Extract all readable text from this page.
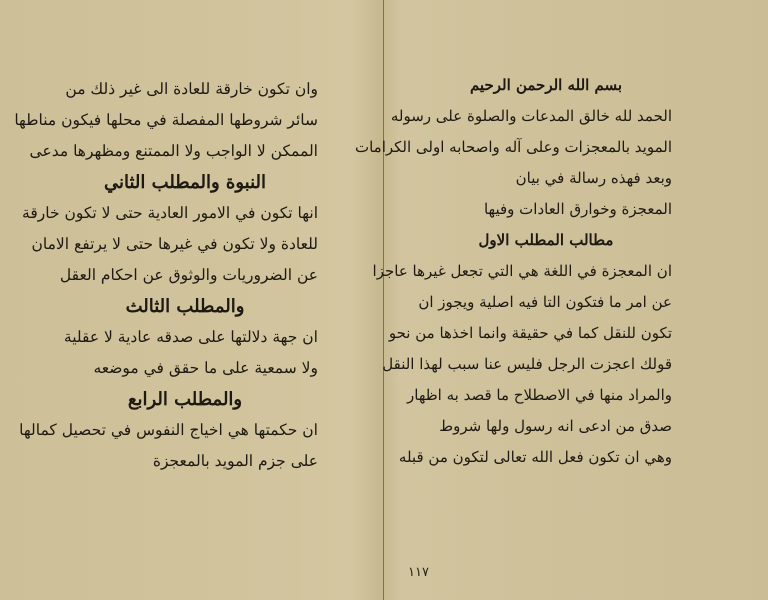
بسم الله الرحمن الرحيم
الحمد لله خالق المدعات والصلوة على رسوله
المويد بالمعجزات وعلى آله واصحابه اولى الكرامات
وبعد فهذه رسالة في بيان
المعجزة وخوارق العادات وفيها
مطالب المطلب الاول
ان المعجزة في اللغة هي التي تجعل غيرها عاجزا
عن امر ما فتكون التا فيه اصلية ويجوز ان
تكون للنقل كما في حقيقة وانما اخذها من نحو
قولك اعجزت الرجل فليس عنا سبب لهذا النقل
والمراد منها في الاصطلاح ما قصد به اظهار
صدق من ادعى انه رسول ولها شروط
وهي ان تكون فعل الله تعالى لتكون من قبله
وان تكون خارقة للعادة الى غير ذلك من
سائر شروطها المفصلة في محلها فيكون مناطها
الممكن لا الواجب ولا الممتنع ومظهرها مدعى
النبوة والمطلب الثاني
انها تكون في الامور العادية حتى لا تكون خارقة
للعادة ولا تكون في غيرها حتى لا يرتفع الامان
عن الضروريات والوثوق عن احكام العقل
والمطلب الثالث
ان جهة دلالتها على صدقه عادية لا عقلية
ولا سمعية على ما حقق في موضعه
والمطلب الرابع
ان حكمتها هي اخياج النفوس في تحصيل كمالها
على جزم المويد بالمعجزة
١١٧
